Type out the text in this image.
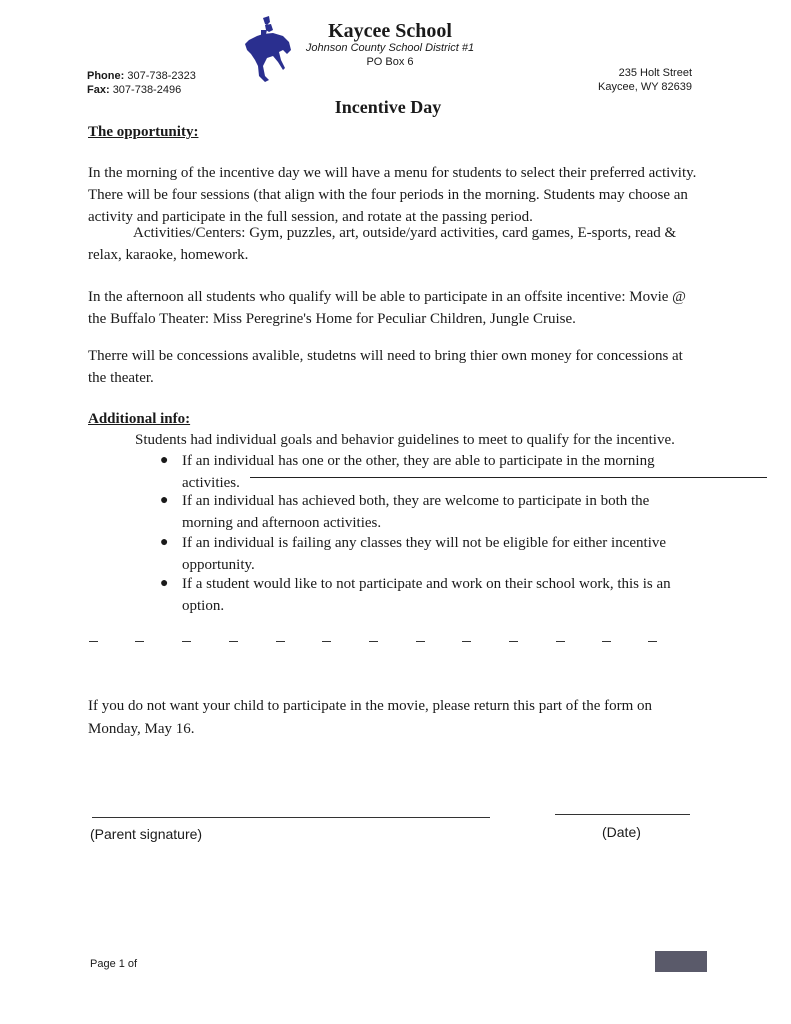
Kaycee School
Johnson County School District #1
PO Box 6
Phone: 307-738-2323
Fax: 307-738-2496
235 Holt Street
Kaycee, WY 82639
Incentive Day
The opportunity:
In the morning of the incentive day we will have a menu for students to select their preferred activity. There will be four sessions (that align with the four periods in the morning. Students may choose an activity and participate in the full session, and rotate at the passing period.
Activities/Centers: Gym, puzzles, art, outside/yard activities, card games, E-sports, read & relax, karaoke, homework.
In the afternoon all students who qualify will be able to participate in an offsite incentive: Movie @ the Buffalo Theater: Miss Peregrine's Home for Peculiar Children, Jungle Cruise.
Therre will be concessions avalible, studetns will need to bring thier own money for concessions at the theater.
Additional info:
Students had individual goals and behavior guidelines to meet to qualify for the incentive.
● If an individual has one or the other, they are able to participate in the morning activities.
● If an individual has achieved both, they are welcome to participate in both the morning and afternoon activities.
● If an individual is failing any classes they will not be eligible for either incentive opportunity.
● If a student would like to not participate and work on their school work, this is an option.
If you do not want your child to participate in the movie, please return this part of the form on Monday, May 16.
(Parent signature)	(Date)
Page 1 of
